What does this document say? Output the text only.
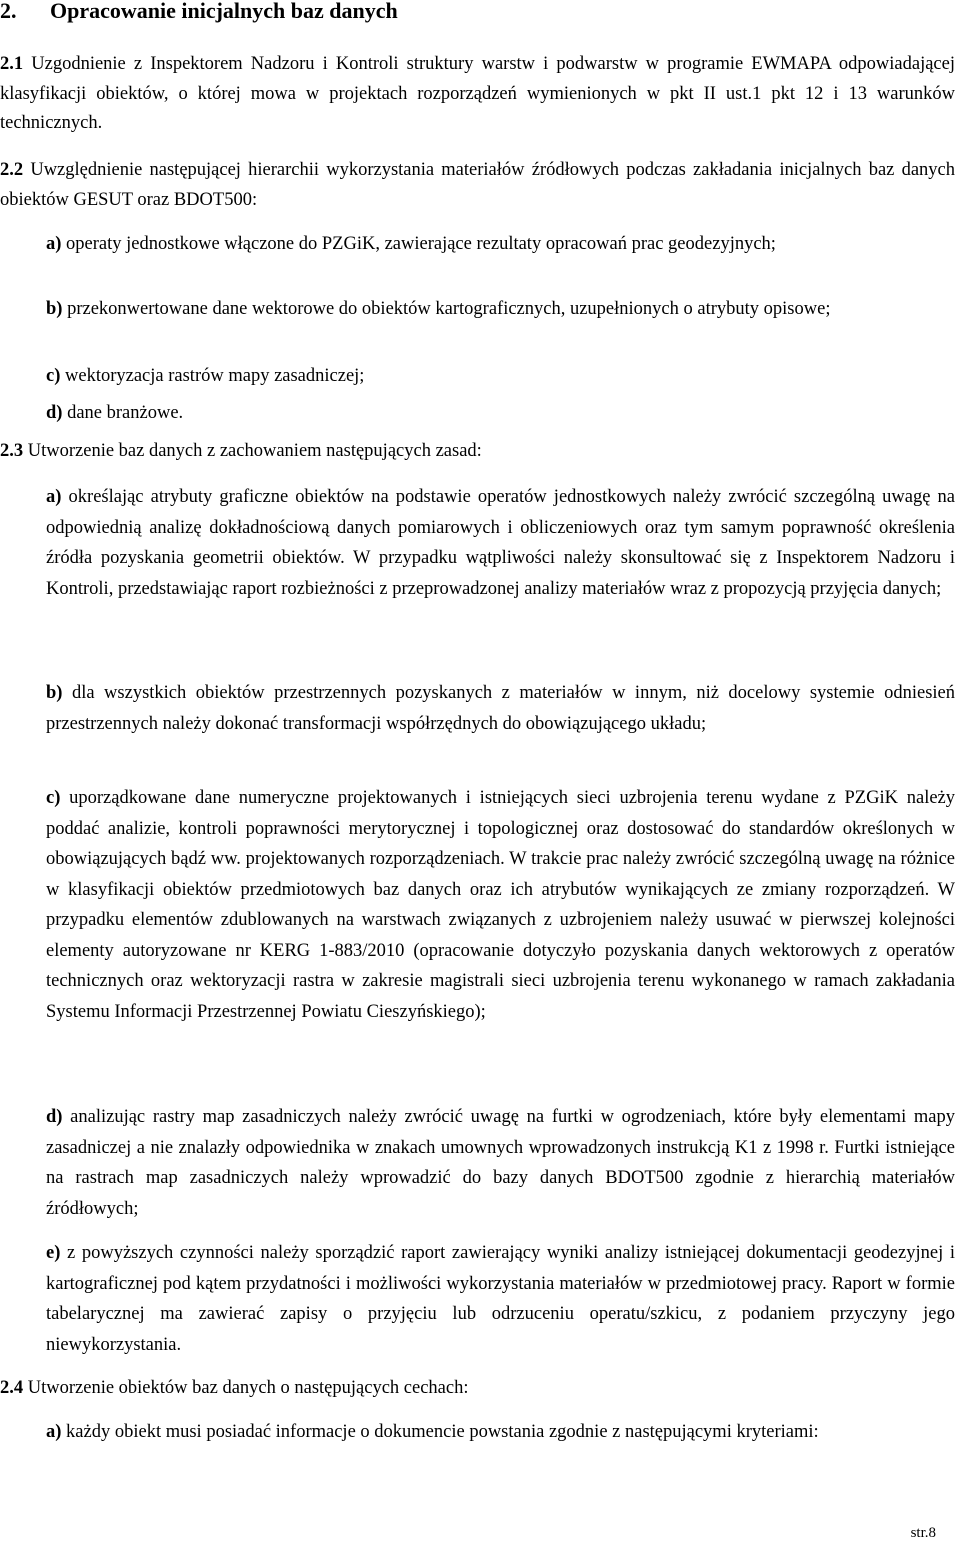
2. Opracowanie inicjalnych baz danych

2.1 Uzgodnienie z Inspektorem Nadzoru i Kontroli struktury warstw i podwarstw w programie EWMAPA odpowiadającej klasyfikacji obiektów, o której mowa w projektach rozporządzeń wymienionych w pkt II ust.1 pkt 12 i 13 warunków technicznych.

2.2 Uwzględnienie następującej hierarchii wykorzystania materiałów źródłowych podczas zakładania inicjalnych baz danych obiektów GESUT oraz BDOT500:

a) operaty jednostkowe włączone do PZGiK, zawierające rezultaty opracowań prac geodezyjnych;

b) przekonwertowane dane wektorowe do obiektów kartograficznych, uzupełnionych o atrybuty opisowe;

c) wektoryzacja rastrów mapy zasadniczej;

d) dane branżowe.

2.3 Utworzenie baz danych z zachowaniem następujących zasad:

a) określając atrybuty graficzne obiektów na podstawie operatów jednostkowych należy zwrócić szczególną uwagę na odpowiednią analizę dokładnościową danych pomiarowych i obliczeniowych oraz tym samym poprawność określenia źródła pozyskania geometrii obiektów. W przypadku wątpliwości należy skonsultować się z Inspektorem Nadzoru i Kontroli, przedstawiając raport rozbieżności z przeprowadzonej analizy materiałów wraz z propozycją przyjęcia danych;

b) dla wszystkich obiektów przestrzennych pozyskanych z materiałów w innym, niż docelowy systemie odniesień przestrzennych należy dokonać transformacji współrzędnych do obowiązującego układu;

c) uporządkowane dane numeryczne projektowanych i istniejących sieci uzbrojenia terenu wydane z PZGiK należy poddać analizie, kontroli poprawności merytorycznej i topologicznej oraz dostosować do standardów określonych w obowiązujących bądź ww. projektowanych rozporządzeniach. W trakcie prac należy zwrócić szczególną uwagę na różnice w klasyfikacji obiektów przedmiotowych baz danych oraz ich atrybutów wynikających ze zmiany rozporządzeń. W przypadku elementów zdublowanych na warstwach związanych z uzbrojeniem należy usuwać w pierwszej kolejności elementy autoryzowane nr KERG 1-883/2010 (opracowanie dotyczyło pozyskania danych wektorowych z operatów technicznych oraz wektoryzacji rastra w zakresie magistrali sieci uzbrojenia terenu wykonanego w ramach zakładania Systemu Informacji Przestrzennej Powiatu Cieszyńskiego);

d) analizując rastry map zasadniczych należy zwrócić uwagę na furtki w ogrodzeniach, które były elementami mapy zasadniczej a nie znalazły odpowiednika w znakach umownych wprowadzonych instrukcją K1 z 1998 r. Furtki istniejące na rastrach map zasadniczych należy wprowadzić do bazy danych BDOT500 zgodnie z hierarchią materiałów źródłowych;

e) z powyższych czynności należy sporządzić raport zawierający wyniki analizy istniejącej dokumentacji geodezyjnej i kartograficznej pod kątem przydatności i możliwości wykorzystania materiałów w przedmiotowej pracy. Raport w formie tabelarycznej ma zawierać zapisy o przyjęciu lub odrzuceniu operatu/szkicu, z podaniem przyczyny jego niewykorzystania.

2.4 Utworzenie obiektów baz danych o następujących cechach:

a) każdy obiekt musi posiadać informacje o dokumencie powstania zgodnie z następującymi kryteriami:

str.8
